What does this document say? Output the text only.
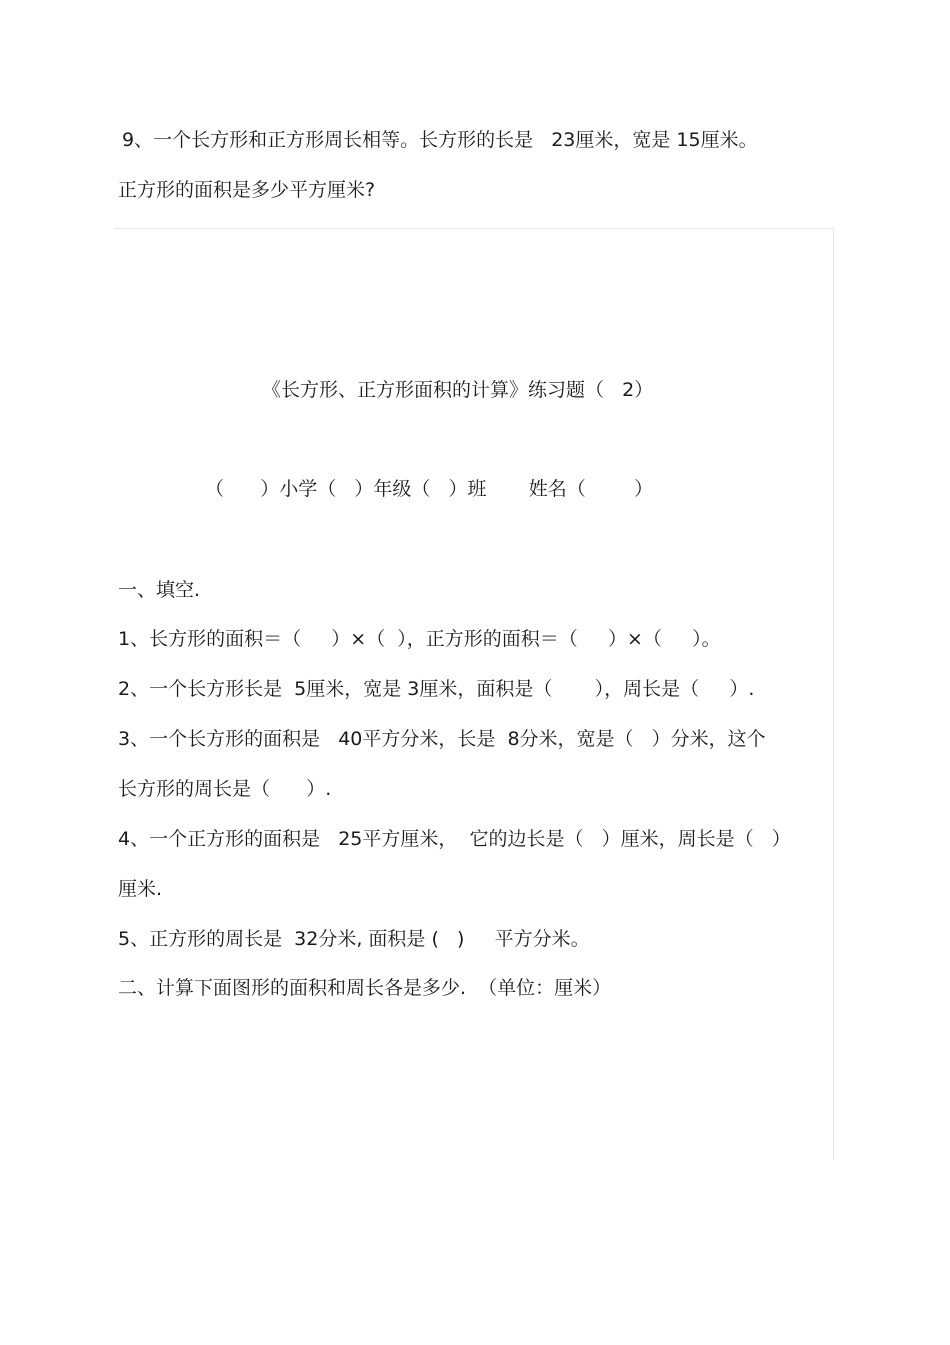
9、一个长方形和正方形周长相等。长方形的长是   23厘米，宽是 15厘米。
正方形的面积是多少平方厘米?
《长方形、正方形面积的计算》练习题（   2）
（      ）小学（   ）年级（   ）班       姓名（        ）
一、填空.
1、长方形的面积＝（     ）×（  ），正方形的面积＝（     ）×（     ）。
2、一个长方形长是  5厘米，宽是 3厘米，面积是（       ），周长是（     ）.
3、一个长方形的面积是   40平方分米，长是  8分米，宽是（   ）分米，这个
长方形的周长是（      ）.
4、一个正方形的面积是   25平方厘米，  它的边长是（   ）厘米，周长是（   ）
厘米.
5、正方形的周长是  32分米, 面积是 (   )     平方分米。
二、计算下面图形的面积和周长各是多少.  （单位：厘米）
